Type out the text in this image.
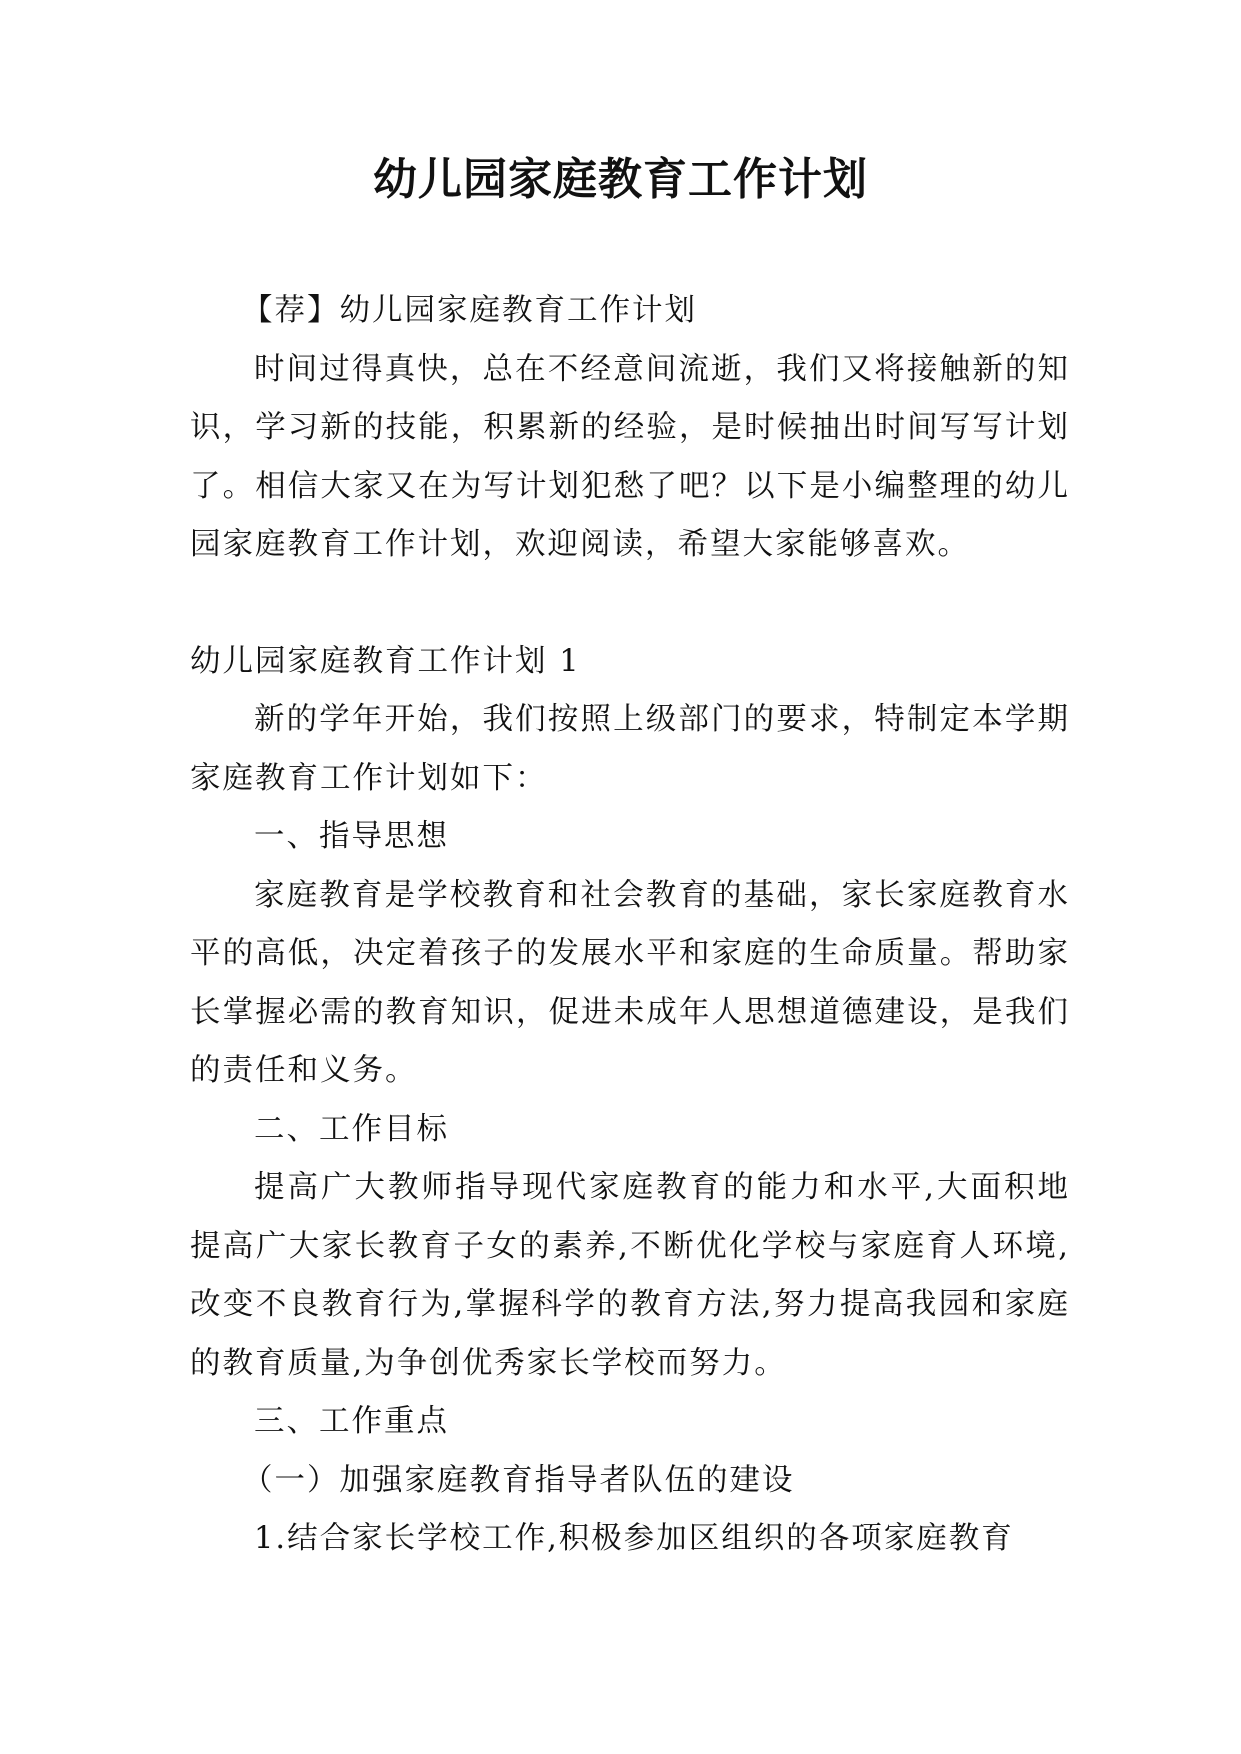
幼儿园家庭教育工作计划

【荐】幼儿园家庭教育工作计划

时间过得真快，总在不经意间流逝，我们又将接触新的知识，学习新的技能，积累新的经验，是时候抽出时间写写计划了。相信大家又在为写计划犯愁了吧？以下是小编整理的幼儿园家庭教育工作计划，欢迎阅读，希望大家能够喜欢。

幼儿园家庭教育工作计划 1

新的学年开始，我们按照上级部门的要求，特制定本学期家庭教育工作计划如下：

一、指导思想

家庭教育是学校教育和社会教育的基础，家长家庭教育水平的高低，决定着孩子的发展水平和家庭的生命质量。帮助家长掌握必需的教育知识，促进未成年人思想道德建设，是我们的责任和义务。

二、工作目标

提高广大教师指导现代家庭教育的能力和水平,大面积地提高广大家长教育子女的素养,不断优化学校与家庭育人环境,改变不良教育行为,掌握科学的教育方法,努力提高我园和家庭的教育质量,为争创优秀家长学校而努力。

三、工作重点

（一）加强家庭教育指导者队伍的建设

1.结合家长学校工作,积极参加区组织的各项家庭教育
